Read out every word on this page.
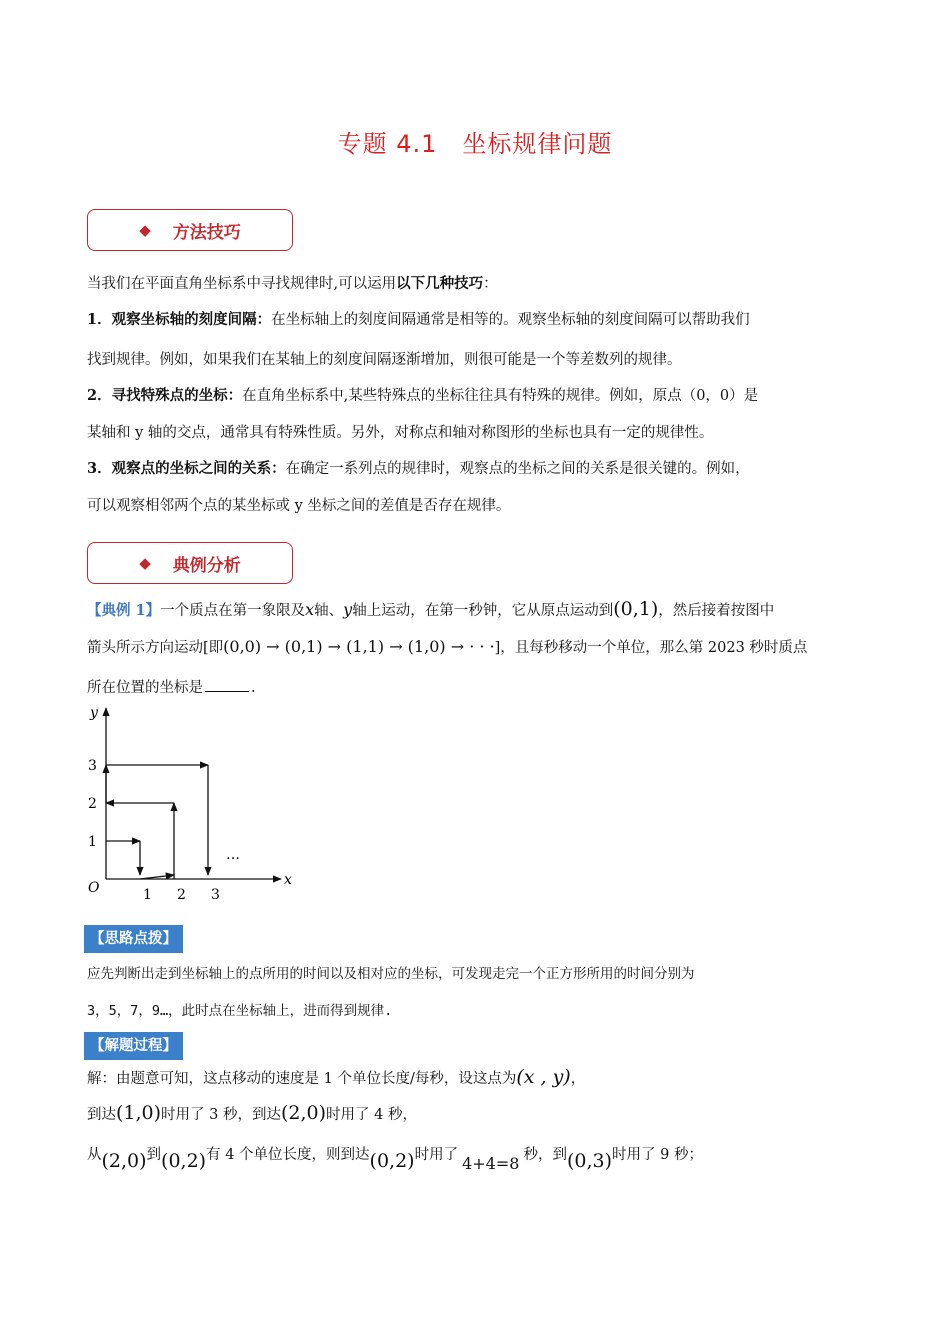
专题 4.1　坐标规律问题
◆ 方法技巧
当我们在平面直角坐标系中寻找规律时,可以运用以下几种技巧：
1．观察坐标轴的刻度间隔：在坐标轴上的刻度间隔通常是相等的。观察坐标轴的刻度间隔可以帮助我们
找到规律。例如，如果我们在某轴上的刻度间隔逐渐增加，则很可能是一个等差数列的规律。
2．寻找特殊点的坐标：在直角坐标系中,某些特殊点的坐标往往具有特殊的规律。例如，原点（0，0）是
某轴和 y 轴的交点，通常具有特殊性质。另外，对称点和轴对称图形的坐标也具有一定的规律性。
3．观察点的坐标之间的关系：在确定一系列点的规律时，观察点的坐标之间的关系是很关键的。例如，
可以观察相邻两个点的某坐标或 y 坐标之间的差值是否存在规律。
◆ 典例分析
【典例 1】一个质点在第一象限及x轴、y轴上运动，在第一秒钟，它从原点运动到(0,1)，然后接着按图中
箭头所示方向运动[即(0,0) → (0,1) → (1,1) → (1,0) → · · ·]，且每秒移动一个单位，那么第 2023 秒时质点
所在位置的坐标是	.
y
x
O
1
2
3
1 2 3
…
【思路点拨】
应先判断出走到坐标轴上的点所用的时间以及相对应的坐标，可发现走完一个正方形所用的时间分别为
3，5，7，9…，此时点在坐标轴上，进而得到规律.
【解题过程】
解：由题意可知，这点移动的速度是 1 个单位长度/每秒，设这点为(x , y)，
到达(1,0)时用了 3 秒，到达(2,0)时用了 4 秒，
从(2,0)到(0,2)有 4 个单位长度，则到达(0,2)时用了 4+4=8 秒，到(0,3)时用了 9 秒；
